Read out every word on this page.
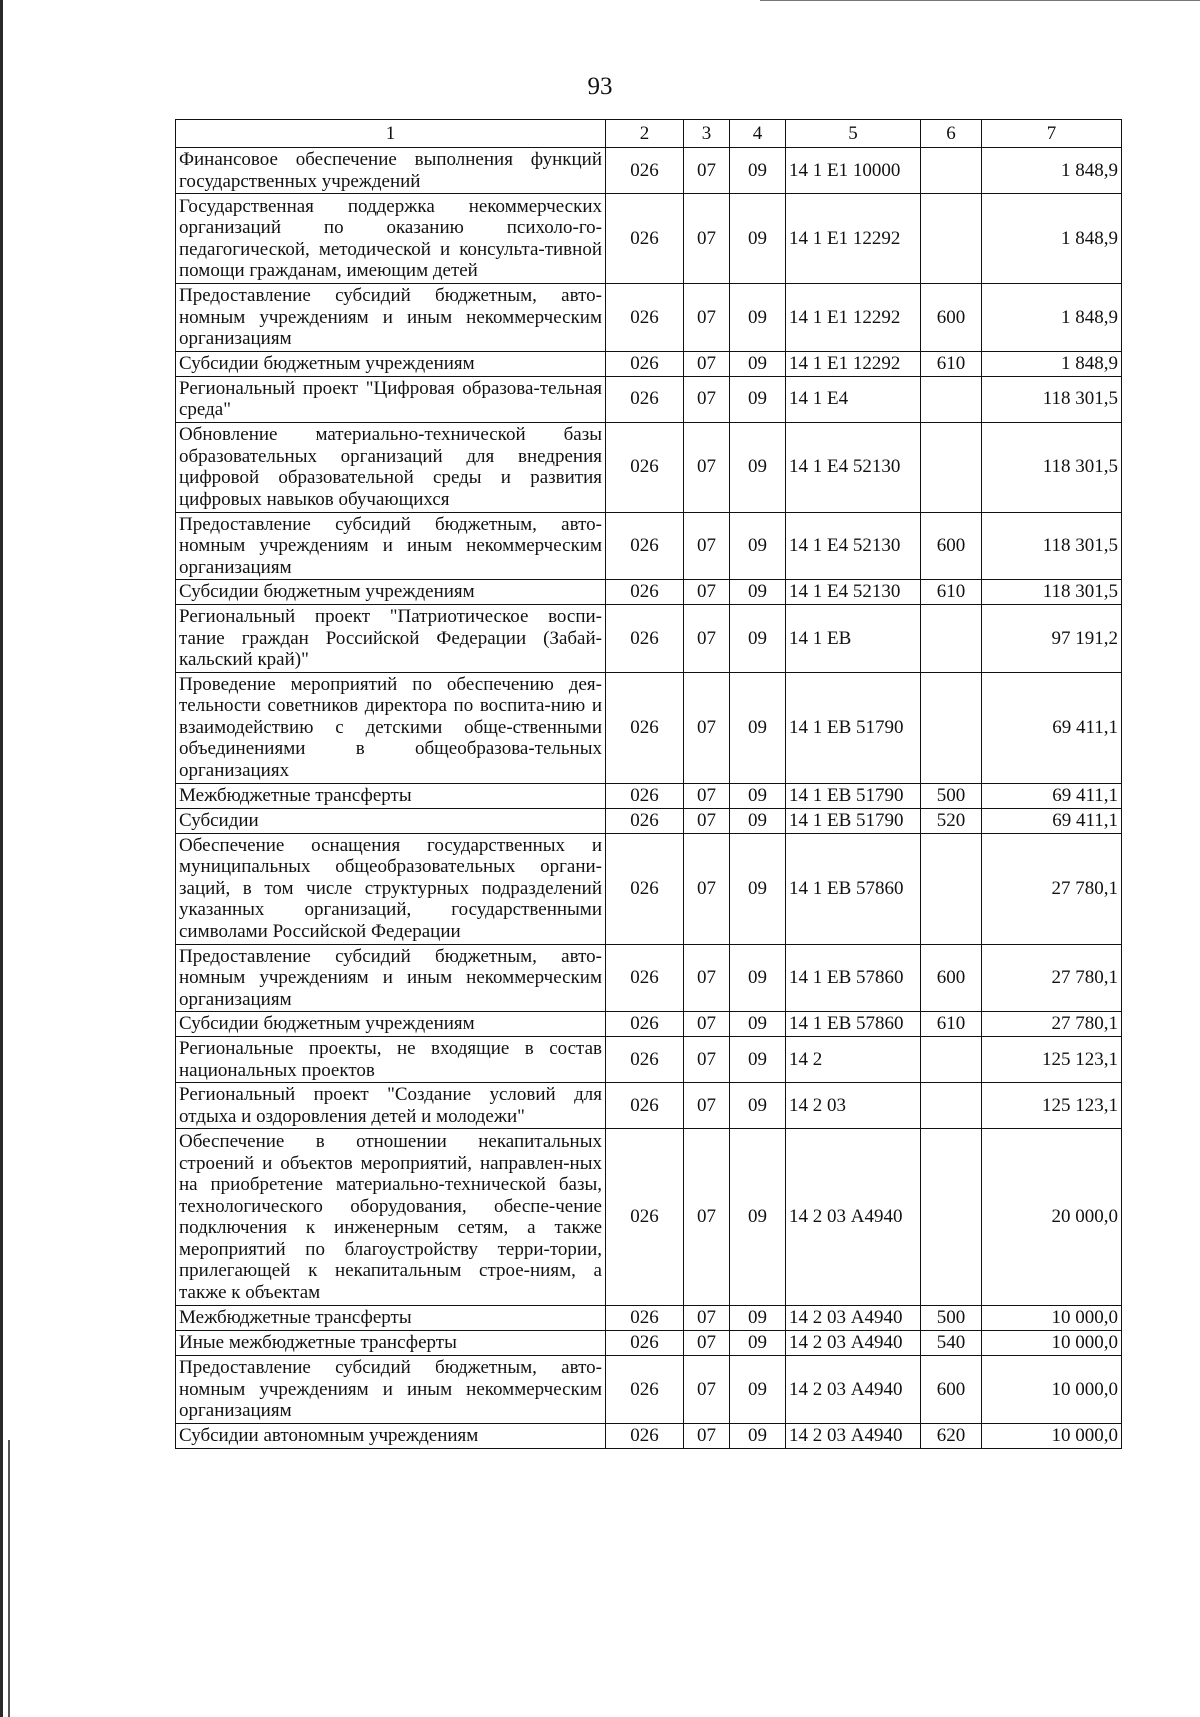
93
1	2	3	4	5	6	7
Финансовое обеспечение выполнения функций государственных учреждений	026	07	09	14 1 Е1 10000		1 848,9
Государственная поддержка некоммерческих организаций по оказанию психоло-го-педагогической, методической и консульта-тивной помощи гражданам, имеющим детей	026	07	09	14 1 Е1 12292		1 848,9
Предоставление субсидий бюджетным, авто-номным учреждениям и иным некоммерческим организациям	026	07	09	14 1 Е1 12292	600	1 848,9
Субсидии бюджетным учреждениям	026	07	09	14 1 Е1 12292	610	1 848,9
Региональный проект "Цифровая образова-тельная среда"	026	07	09	14 1 Е4		118 301,5
Обновление материально-технической базы образовательных организаций для внедрения цифровой образовательной среды и развития цифровых навыков обучающихся	026	07	09	14 1 Е4 52130		118 301,5
Предоставление субсидий бюджетным, авто-номным учреждениям и иным некоммерческим организациям	026	07	09	14 1 Е4 52130	600	118 301,5
Субсидии бюджетным учреждениям	026	07	09	14 1 Е4 52130	610	118 301,5
Региональный проект "Патриотическое воспи-тание граждан Российской Федерации (Забай-кальский край)"	026	07	09	14 1 ЕВ		97 191,2
Проведение мероприятий по обеспечению дея-тельности советников директора по воспита-нию и взаимодействию с детскими обще-ственными объединениями в общеобразова-тельных организациях	026	07	09	14 1 ЕВ 51790		69 411,1
Межбюджетные трансферты	026	07	09	14 1 ЕВ 51790	500	69 411,1
Субсидии	026	07	09	14 1 ЕВ 51790	520	69 411,1
Обеспечение оснащения государственных и муниципальных общеобразовательных органи-заций, в том числе структурных подразделений указанных организаций, государственными символами Российской Федерации	026	07	09	14 1 ЕВ 57860		27 780,1
Предоставление субсидий бюджетным, авто-номным учреждениям и иным некоммерческим организациям	026	07	09	14 1 ЕВ 57860	600	27 780,1
Субсидии бюджетным учреждениям	026	07	09	14 1 ЕВ 57860	610	27 780,1
Региональные проекты, не входящие в состав национальных проектов	026	07	09	14 2		125 123,1
Региональный проект "Создание условий для отдыха и оздоровления детей и молодежи"	026	07	09	14 2 03		125 123,1
Обеспечение в отношении некапитальных строений и объектов мероприятий, направлен-ных на приобретение материально-технической базы, технологического оборудования, обеспе-чение подключения к инженерным сетям, а также мероприятий по благоустройству терри-тории, прилегающей к некапитальным строе-ниям, а также к объектам	026	07	09	14 2 03 А4940		20 000,0
Межбюджетные трансферты	026	07	09	14 2 03 А4940	500	10 000,0
Иные межбюджетные трансферты	026	07	09	14 2 03 А4940	540	10 000,0
Предоставление субсидий бюджетным, авто-номным учреждениям и иным некоммерческим организациям	026	07	09	14 2 03 А4940	600	10 000,0
Субсидии автономным учреждениям	026	07	09	14 2 03 А4940	620	10 000,0
